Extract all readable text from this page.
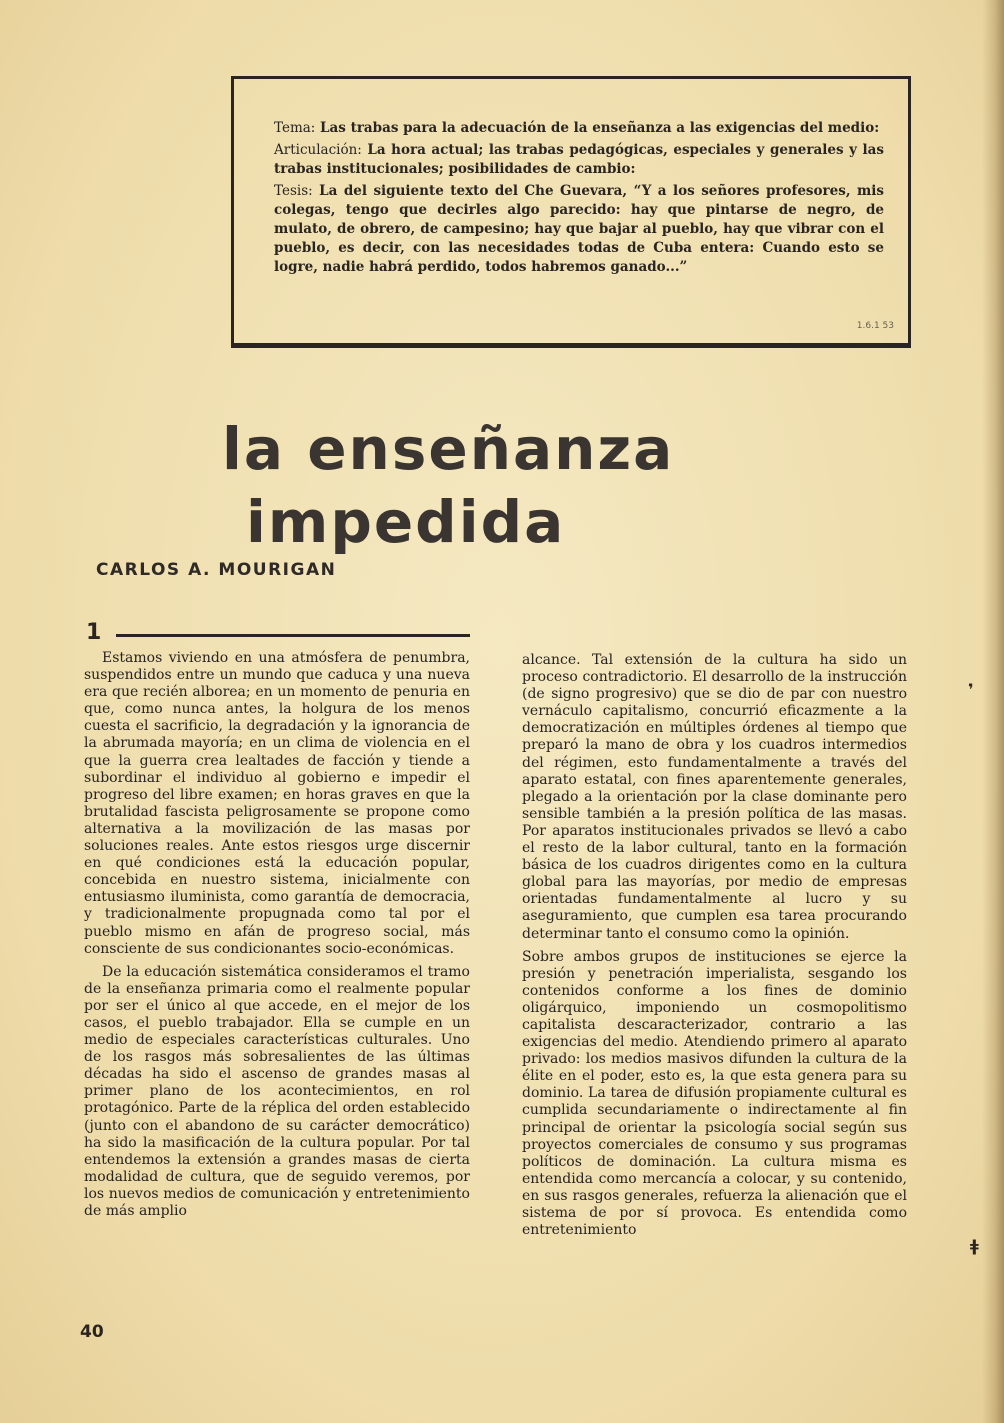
Tema: Las trabas para la adecuación de la enseñanza a las exigencias del medio:

Articulación: La hora actual; las trabas pedagógicas, especiales y generales y las trabas institucionales; posibilidades de cambio:

Tesis: La del siguiente texto del Che Guevara, “Y a los señores profesores, mis colegas, tengo que decirles algo parecido: hay que pintarse de negro, de mulato, de obrero, de campesino; hay que bajar al pueblo, hay que vibrar con el pueblo, es decir, con las necesidades todas de Cuba entera: Cuando esto se logre, nadie habrá perdido, todos habremos ganado...”

1.6.1 53
la enseñanza
impedida
CARLOS A. MOURIGAN
1

Estamos viviendo en una atmósfera de penumbra, suspendidos entre un mundo que caduca y una nueva era que recién alborea; en un momento de penuria en que, como nunca antes, la holgura de los menos cuesta el sacrificio, la degradación y la ignorancia de la abrumada mayoría; en un clima de violencia en el que la guerra crea lealtades de facción y tiende a subordinar el individuo al gobierno e impedir el progreso del libre examen; en horas graves en que la brutalidad fascista peligrosamente se propone como alternativa a la movilización de las masas por soluciones reales. Ante estos riesgos urge discernir en qué condiciones está la educación popular, concebida en nuestro sistema, inicialmente con entusiasmo iluminista, como garantía de democracia, y tradicionalmente propugnada como tal por el pueblo mismo en afán de progreso social, más consciente de sus condicionantes socio-económicas.

De la educación sistemática consideramos el tramo de la enseñanza primaria como el realmente popular por ser el único al que accede, en el mejor de los casos, el pueblo trabajador. Ella se cumple en un medio de especiales características culturales. Uno de los rasgos más sobresalientes de las últimas décadas ha sido el ascenso de grandes masas al primer plano de los acontecimientos, en rol protagónico. Parte de la réplica del orden establecido (junto con el abandono de su carácter democrático) ha sido la masificación de la cultura popular. Por tal entendemos la extensión a grandes masas de cierta modalidad de cultura, que de seguido veremos, por los nuevos medios de comunicación y entretenimiento de más amplio

alcance. Tal extensión de la cultura ha sido un proceso contradictorio. El desarrollo de la instrucción (de signo progresivo) que se dio de par con nuestro vernáculo capitalismo, concurrió eficazmente a la democratización en múltiples órdenes al tiempo que preparó la mano de obra y los cuadros intermedios del régimen, esto fundamentalmente a través del aparato estatal, con fines aparentemente generales, plegado a la orientación por la clase dominante pero sensible también a la presión política de las masas. Por aparatos institucionales privados se llevó a cabo el resto de la labor cultural, tanto en la formación básica de los cuadros dirigentes como en la cultura global para las mayorías, por medio de empresas orientadas fundamentalmente al lucro y su aseguramiento, que cumplen esa tarea procurando determinar tanto el consumo como la opinión.

Sobre ambos grupos de instituciones se ejerce la presión y penetración imperialista, sesgando los contenidos conforme a los fines de dominio oligárquico, imponiendo un cosmopolitismo capitalista descaracterizador, contrario a las exigencias del medio. Atendiendo primero al aparato privado: los medios masivos difunden la cultura de la élite en el poder, esto es, la que esta genera para su dominio. La tarea de difusión propiamente cultural es cumplida secundariamente o indirectamente al fin principal de orientar la psicología social según sus proyectos comerciales de consumo y sus programas políticos de dominación. La cultura misma es entendida como mercancía a colocar, y su contenido, en sus rasgos generales, refuerza la alienación que el sistema de por sí provoca. Es entendida como entretenimiento

❜
ǂ
40
